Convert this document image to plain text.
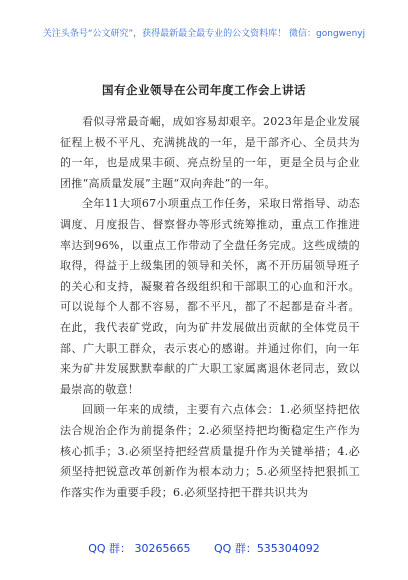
关注头条号“公文研究”，获得最新最全最专业的公文资料库！ 微信：gongwenyj
国有企业领导在公司年度工作会上讲话

看似寻常最奇崛，成如容易却艰辛。2023年是企业发展征程上极不平凡、充满挑战的一年，是干部齐心、全员共为的一年，也是成果丰硕、亮点纷呈的一年，更是全员与企业团推“高质量发展”主题“双向奔赴”的一年。

全年11大项67小项重点工作任务，采取日常指导、动态调度、月度报告、督察督办等形式统筹推动，重点工作推进率达到96%，以重点工作带动了全盘任务完成。这些成绩的取得，得益于上级集团的领导和关怀，离不开历届领导班子的关心和支持，凝聚着各级组织和干部职工的心血和汗水。可以说每个人都不容易，都不平凡，都了不起都是奋斗者。在此，我代表矿党政，向为矿井发展做出贡献的全体党员干部、广大职工群众，表示衷心的感谢。并通过你们，向一年来为矿井发展默默奉献的广大职工家属离退休老同志，致以最崇高的敬意！

回顾一年来的成绩，主要有六点体会：1.必须坚持把依法合规治企作为前提条件；2.必须坚持把均衡稳定生产作为核心抓手；3.必须坚持把经营质量提升作为关键举措；4.必须坚持把锐意改革创新作为根本动力；5.必须坚持把狠抓工作落实作为重要手段；6.必须坚持把干群共识共为

QQ 群： 30265665 QQ 群：535304092
